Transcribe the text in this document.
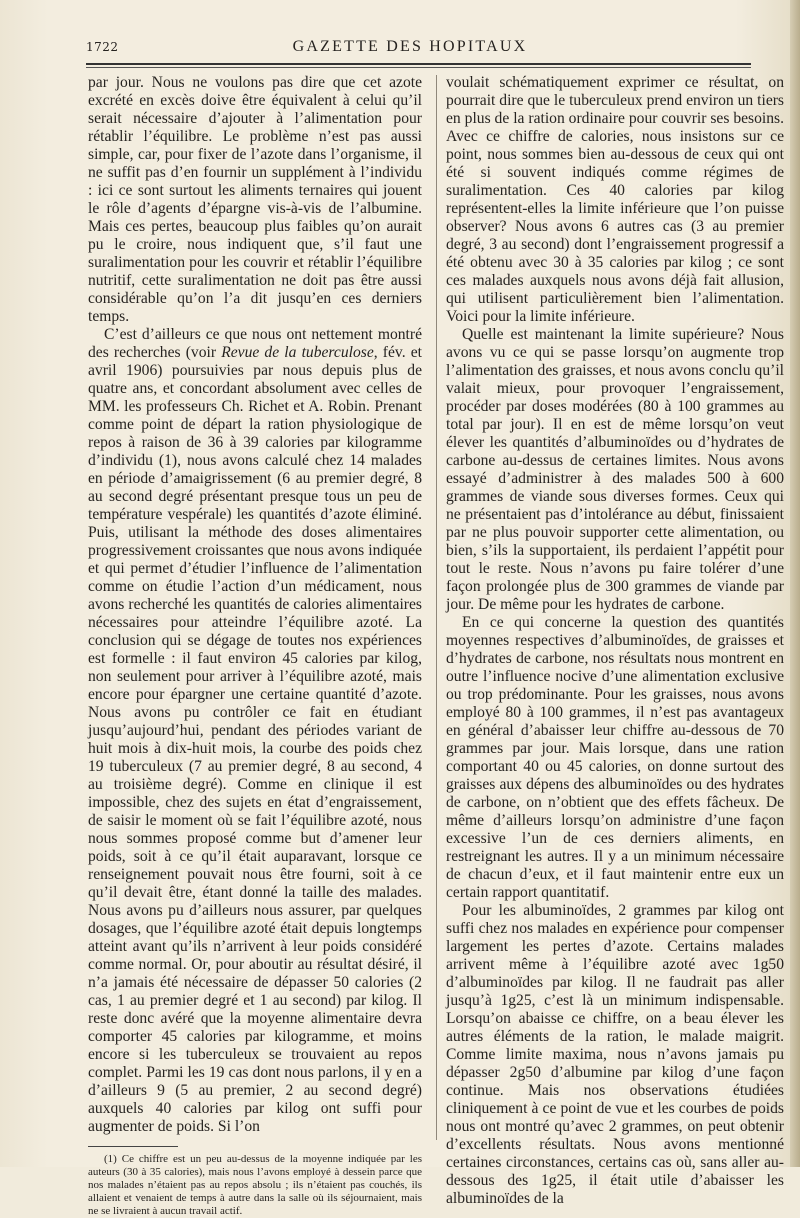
1722	GAZETTE DES HOPITAUX

par jour. Nous ne voulons pas dire que cet azote excrété en excès doive être équivalent à celui qu’il serait nécessaire d’ajouter à l’alimentation pour rétablir l’équilibre. Le problème n’est pas aussi simple, car, pour fixer de l’azote dans l’organisme, il ne suffit pas d’en fournir un supplément à l’individu : ici ce sont surtout les aliments ternaires qui jouent le rôle d’agents d’épargne vis-à-vis de l’albumine. Mais ces pertes, beaucoup plus faibles qu’on aurait pu le croire, nous indiquent que, s’il faut une suralimentation pour les couvrir et rétablir l’équilibre nutritif, cette suralimentation ne doit pas être aussi considérable qu’on l’a dit jusqu’en ces derniers temps.

C’est d’ailleurs ce que nous ont nettement montré des recherches (voir Revue de la tuberculose, fév. et avril 1906) poursuivies par nous depuis plus de quatre ans, et concordant absolument avec celles de MM. les professeurs Ch. Richet et A. Robin. Prenant comme point de départ la ration physiologique de repos à raison de 36 à 39 calories par kilogramme d’individu (1), nous avons calculé chez 14 malades en période d’amaigrissement (6 au premier degré, 8 au second degré présentant presque tous un peu de température vespérale) les quantités d’azote éliminé. Puis, utilisant la méthode des doses alimentaires progressivement croissantes que nous avons indiquée et qui permet d’étudier l’influence de l’alimentation comme on étudie l’action d’un médicament, nous avons recherché les quantités de calories alimentaires nécessaires pour atteindre l’équilibre azoté. La conclusion qui se dégage de toutes nos expériences est formelle : il faut environ 45 calories par kilog, non seulement pour arriver à l’équilibre azoté, mais encore pour épargner une certaine quantité d’azote. Nous avons pu contrôler ce fait en étudiant jusqu’aujourd’hui, pendant des périodes variant de huit mois à dix-huit mois, la courbe des poids chez 19 tuberculeux (7 au premier degré, 8 au second, 4 au troisième degré). Comme en clinique il est impossible, chez des sujets en état d’engraissement, de saisir le moment où se fait l’équilibre azoté, nous nous sommes proposé comme but d’amener leur poids, soit à ce qu’il était auparavant, lorsque ce renseignement pouvait nous être fourni, soit à ce qu’il devait être, étant donné la taille des malades. Nous avons pu d’ailleurs nous assurer, par quelques dosages, que l’équilibre azoté était depuis longtemps atteint avant qu’ils n’arrivent à leur poids considéré comme normal. Or, pour aboutir au résultat désiré, il n’a jamais été nécessaire de dépasser 50 calories (2 cas, 1 au premier degré et 1 au second) par kilog. Il reste donc avéré que la moyenne alimentaire devra comporter 45 calories par kilogramme, et moins encore si les tuberculeux se trouvaient au repos complet. Parmi les 19 cas dont nous parlons, il y en a d’ailleurs 9 (5 au premier, 2 au second degré) auxquels 40 calories par kilog ont suffi pour augmenter de poids. Si l’on

(1) Ce chiffre est un peu au-dessus de la moyenne indiquée par les auteurs (30 à 35 calories), mais nous l’avons employé à dessein parce que nos malades n’étaient pas au repos absolu ; ils n’étaient pas couchés, ils allaient et venaient de temps à autre dans la salle où ils séjournaient, mais ne se livraient à aucun travail actif.

voulait schématiquement exprimer ce résultat, on pourrait dire que le tuberculeux prend environ un tiers en plus de la ration ordinaire pour couvrir ses besoins. Avec ce chiffre de calories, nous insistons sur ce point, nous sommes bien au-dessous de ceux qui ont été si souvent indiqués comme régimes de suralimentation. Ces 40 calories par kilog représentent-elles la limite inférieure que l’on puisse observer? Nous avons 6 autres cas (3 au premier degré, 3 au second) dont l’engraissement progressif a été obtenu avec 30 à 35 calories par kilog ; ce sont ces malades auxquels nous avons déjà fait allusion, qui utilisent particulièrement bien l’alimentation. Voici pour la limite inférieure.

Quelle est maintenant la limite supérieure? Nous avons vu ce qui se passe lorsqu’on augmente trop l’alimentation des graisses, et nous avons conclu qu’il valait mieux, pour provoquer l’engraissement, procéder par doses modérées (80 à 100 grammes au total par jour). Il en est de même lorsqu’on veut élever les quantités d’albuminoïdes ou d’hydrates de carbone au-dessus de certaines limites. Nous avons essayé d’administrer à des malades 500 à 600 grammes de viande sous diverses formes. Ceux qui ne présentaient pas d’intolérance au début, finissaient par ne plus pouvoir supporter cette alimentation, ou bien, s’ils la supportaient, ils perdaient l’appétit pour tout le reste. Nous n’avons pu faire tolérer d’une façon prolongée plus de 300 grammes de viande par jour. De même pour les hydrates de carbone.

En ce qui concerne la question des quantités moyennes respectives d’albuminoïdes, de graisses et d’hydrates de carbone, nos résultats nous montrent en outre l’influence nocive d’une alimentation exclusive ou trop prédominante. Pour les graisses, nous avons employé 80 à 100 grammes, il n’est pas avantageux en général d’abaisser leur chiffre au-dessous de 70 grammes par jour. Mais lorsque, dans une ration comportant 40 ou 45 calories, on donne surtout des graisses aux dépens des albuminoïdes ou des hydrates de carbone, on n’obtient que des effets fâcheux. De même d’ailleurs lorsqu’on administre d’une façon excessive l’un de ces derniers aliments, en restreignant les autres. Il y a un minimum nécessaire de chacun d’eux, et il faut maintenir entre eux un certain rapport quantitatif.

Pour les albuminoïdes, 2 grammes par kilog ont suffi chez nos malades en expérience pour compenser largement les pertes d’azote. Certains malades arrivent même à l’équilibre azoté avec 1g50 d’albuminoïdes par kilog. Il ne faudrait pas aller jusqu’à 1g25, c’est là un minimum indispensable. Lorsqu’on abaisse ce chiffre, on a beau élever les autres éléments de la ration, le malade maigrit. Comme limite maxima, nous n’avons jamais pu dépasser 2g50 d’albumine par kilog d’une façon continue. Mais nos observations étudiées cliniquement à ce point de vue et les courbes de poids nous ont montré qu’avec 2 grammes, on peut obtenir d’excellents résultats. Nous avons mentionné certaines circonstances, certains cas où, sans aller au-dessous des 1g25, il était utile d’abaisser les albuminoïdes de la
